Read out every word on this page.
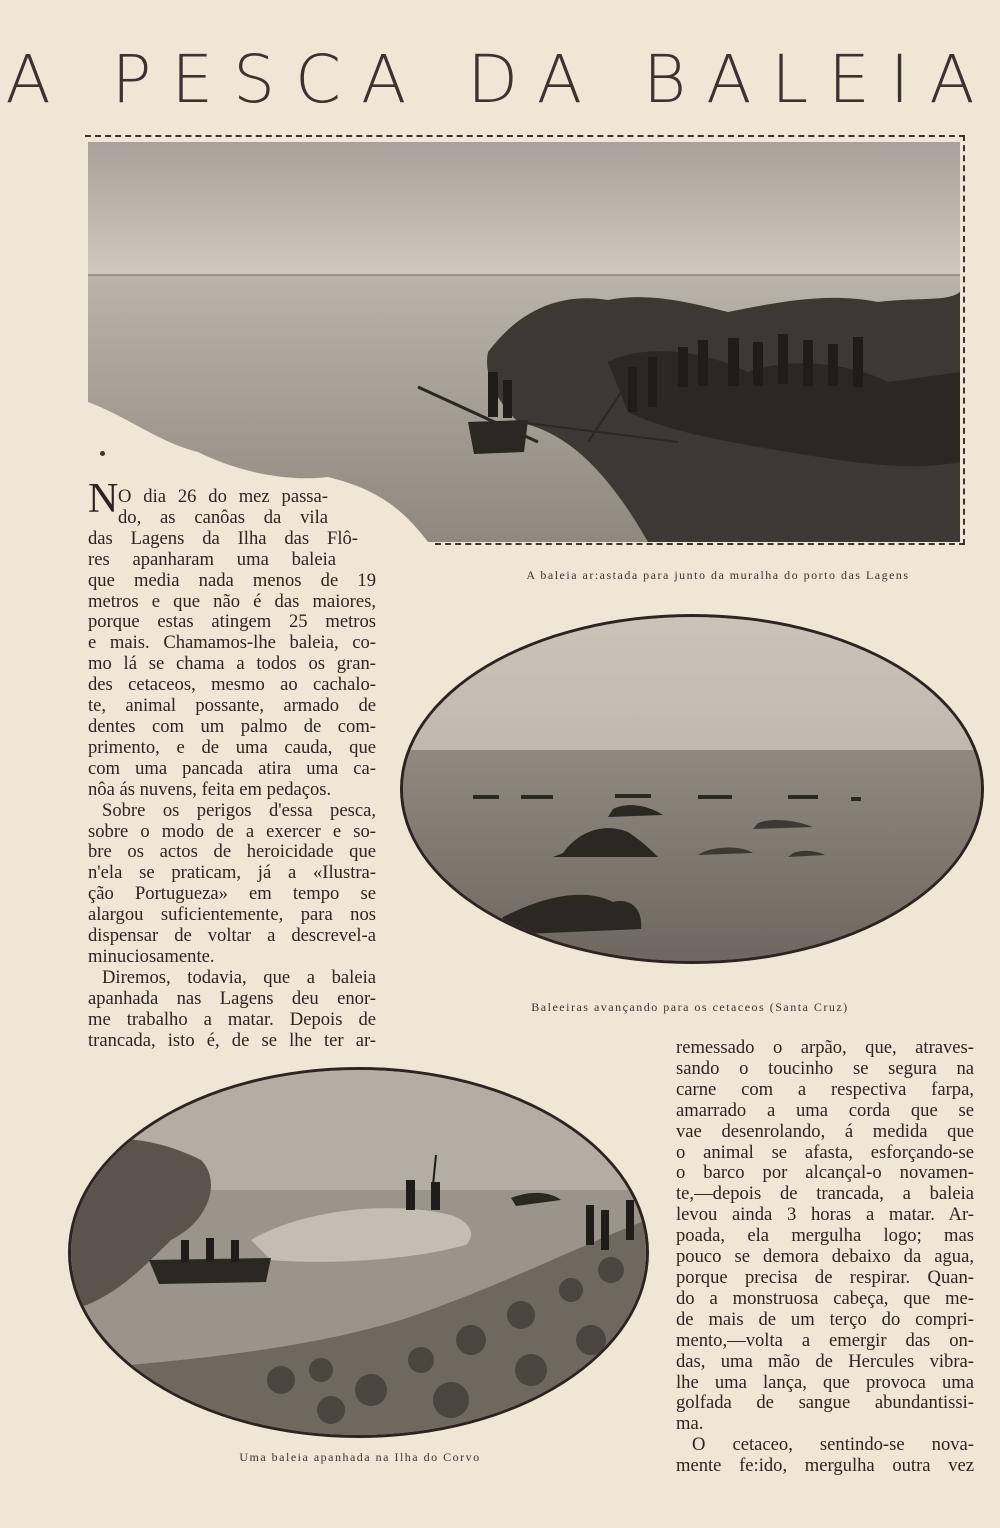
A PESCA DA BALEIA
A baleia ar:astada para junto da muralha do porto das Lagens
Baleeiras avançando para os cetaceos (Santa Cruz)
Uma baleia apanhada na Ilha do Corvo
N O dia 26 do mez passa-
do, as canôas da vila
das Lagens da Ilha das Flô-
res apanharam uma baleia
que media nada menos de 19
metros e que não é das maiores,
porque estas atingem 25 metros
e mais. Chamamos-lhe baleia, co-
mo lá se chama a todos os gran-
des cetaceos, mesmo ao cachalo-
te, animal possante, armado de
dentes com um palmo de com-
primento, e de uma cauda, que
com uma pancada atira uma ca-
nôa ás nuvens, feita em pedaços.
Sobre os perigos d'essa pesca,
sobre o modo de a exercer e so-
bre os actos de heroicidade que
n'ela se praticam, já a «Ilustra-
ção Portugueza» em tempo se
alargou suficientemente, para nos
dispensar de voltar a descrevel-a
minuciosamente.
Diremos, todavia, que a baleia
apanhada nas Lagens deu enor-
me trabalho a matar. Depois de
trancada, isto é, de se lhe ter ar-	remessado o arpão, que, atraves-
sando o toucinho se segura na
carne com a respectiva farpa,
amarrado a uma corda que se
vae desenrolando, á medida que
o animal se afasta, esforçando-se
o barco por alcançal-o novamen-
te,—depois de trancada, a baleia
levou ainda 3 horas a matar. Ar-
poada, ela mergulha logo; mas
pouco se demora debaixo da agua,
porque precisa de respirar. Quan-
do a monstruosa cabeça, que me-
de mais de um terço do compri-
mento,—volta a emergir das on-
das, uma mão de Hercules vibra-
lhe uma lança, que provoca uma
golfada de sangue abundantissi-
ma.
O cetaceo, sentindo-se nova-
mente fe:ido, mergulha outra vez
